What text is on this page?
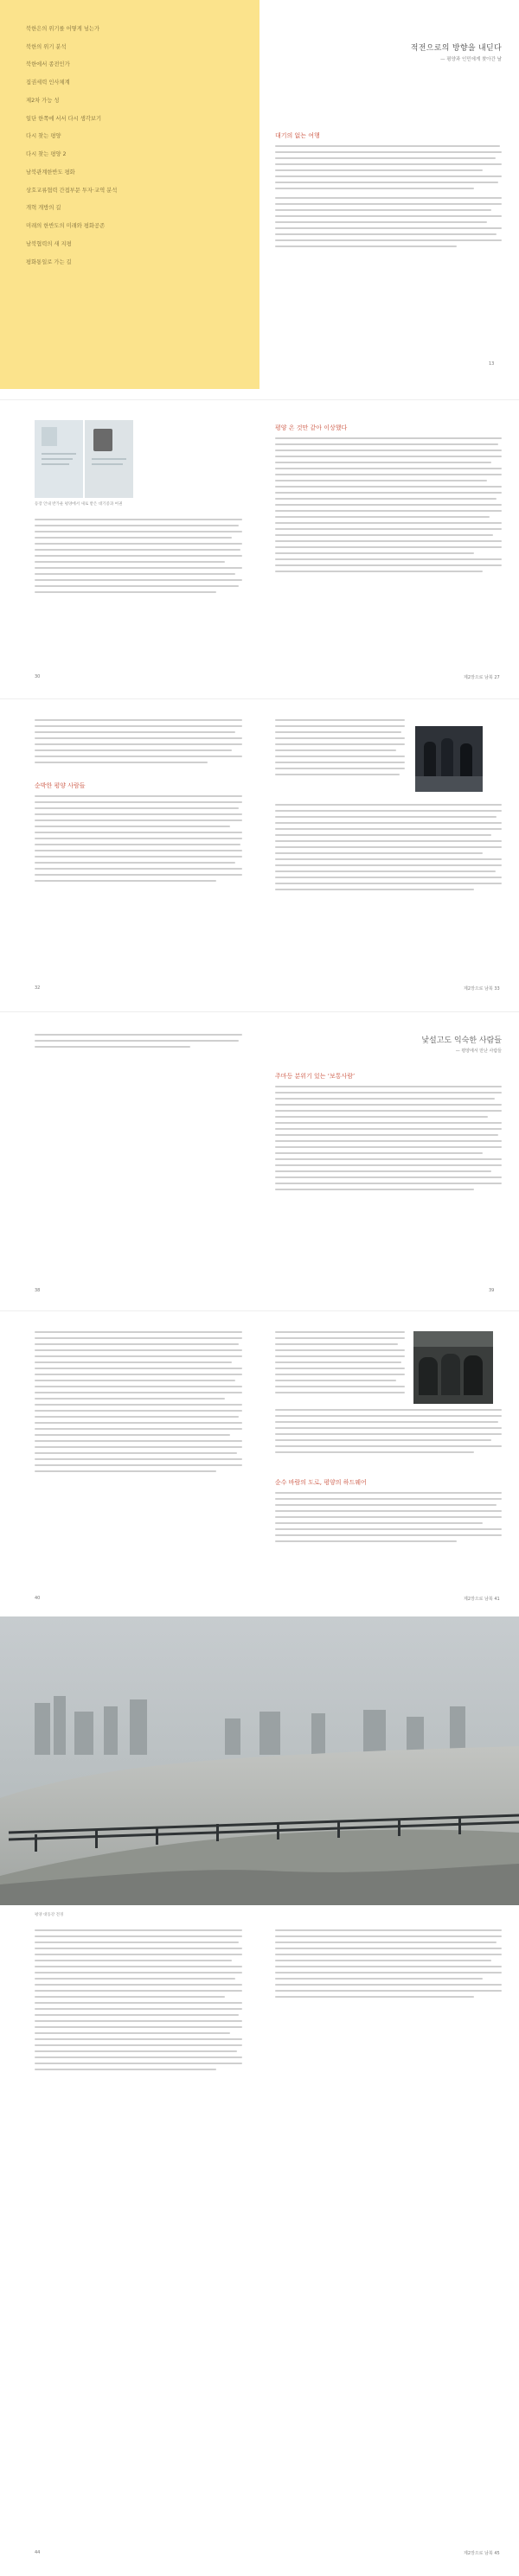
북한은의 위기를 어떻게 넘는가
북한의 위기 분석
북한에서 종전인가
집권세력 인사체계
제2차 가능 성
일단 한쪽에 서서 다시 생각보기
다시 찾는 평양
다시 찾는 평양 2
남북관계한반도 평화
상호교류협력 간접부문 투자·교역 분석
개혁 개방의 길
미래의 한반도의 미래와 평화공존
남북협력의 새 지평
평화통일로 가는 길
적전으로의 방향을 내딛다
— 평양과 인민에게 찾아간 날
대기의 없는 여행
13
등장 안내 반가운 평양에서 새로 받은 대기증과 여권
30
평양 온 것만 같아 이상했다
제2장으로 남북 27
순박한 평양 사람들
32	제2장으로 남북 33
낯설고도 익숙한 사람들
— 평양에서 만난 사람들
주마등 분위기 있는 ‘보통사람’
38	39
순수 바람의 도로, 평양의 하드웨어
40	제2장으로 남북 41
평양 대동강 전경
44	제2장으로 남북 45
